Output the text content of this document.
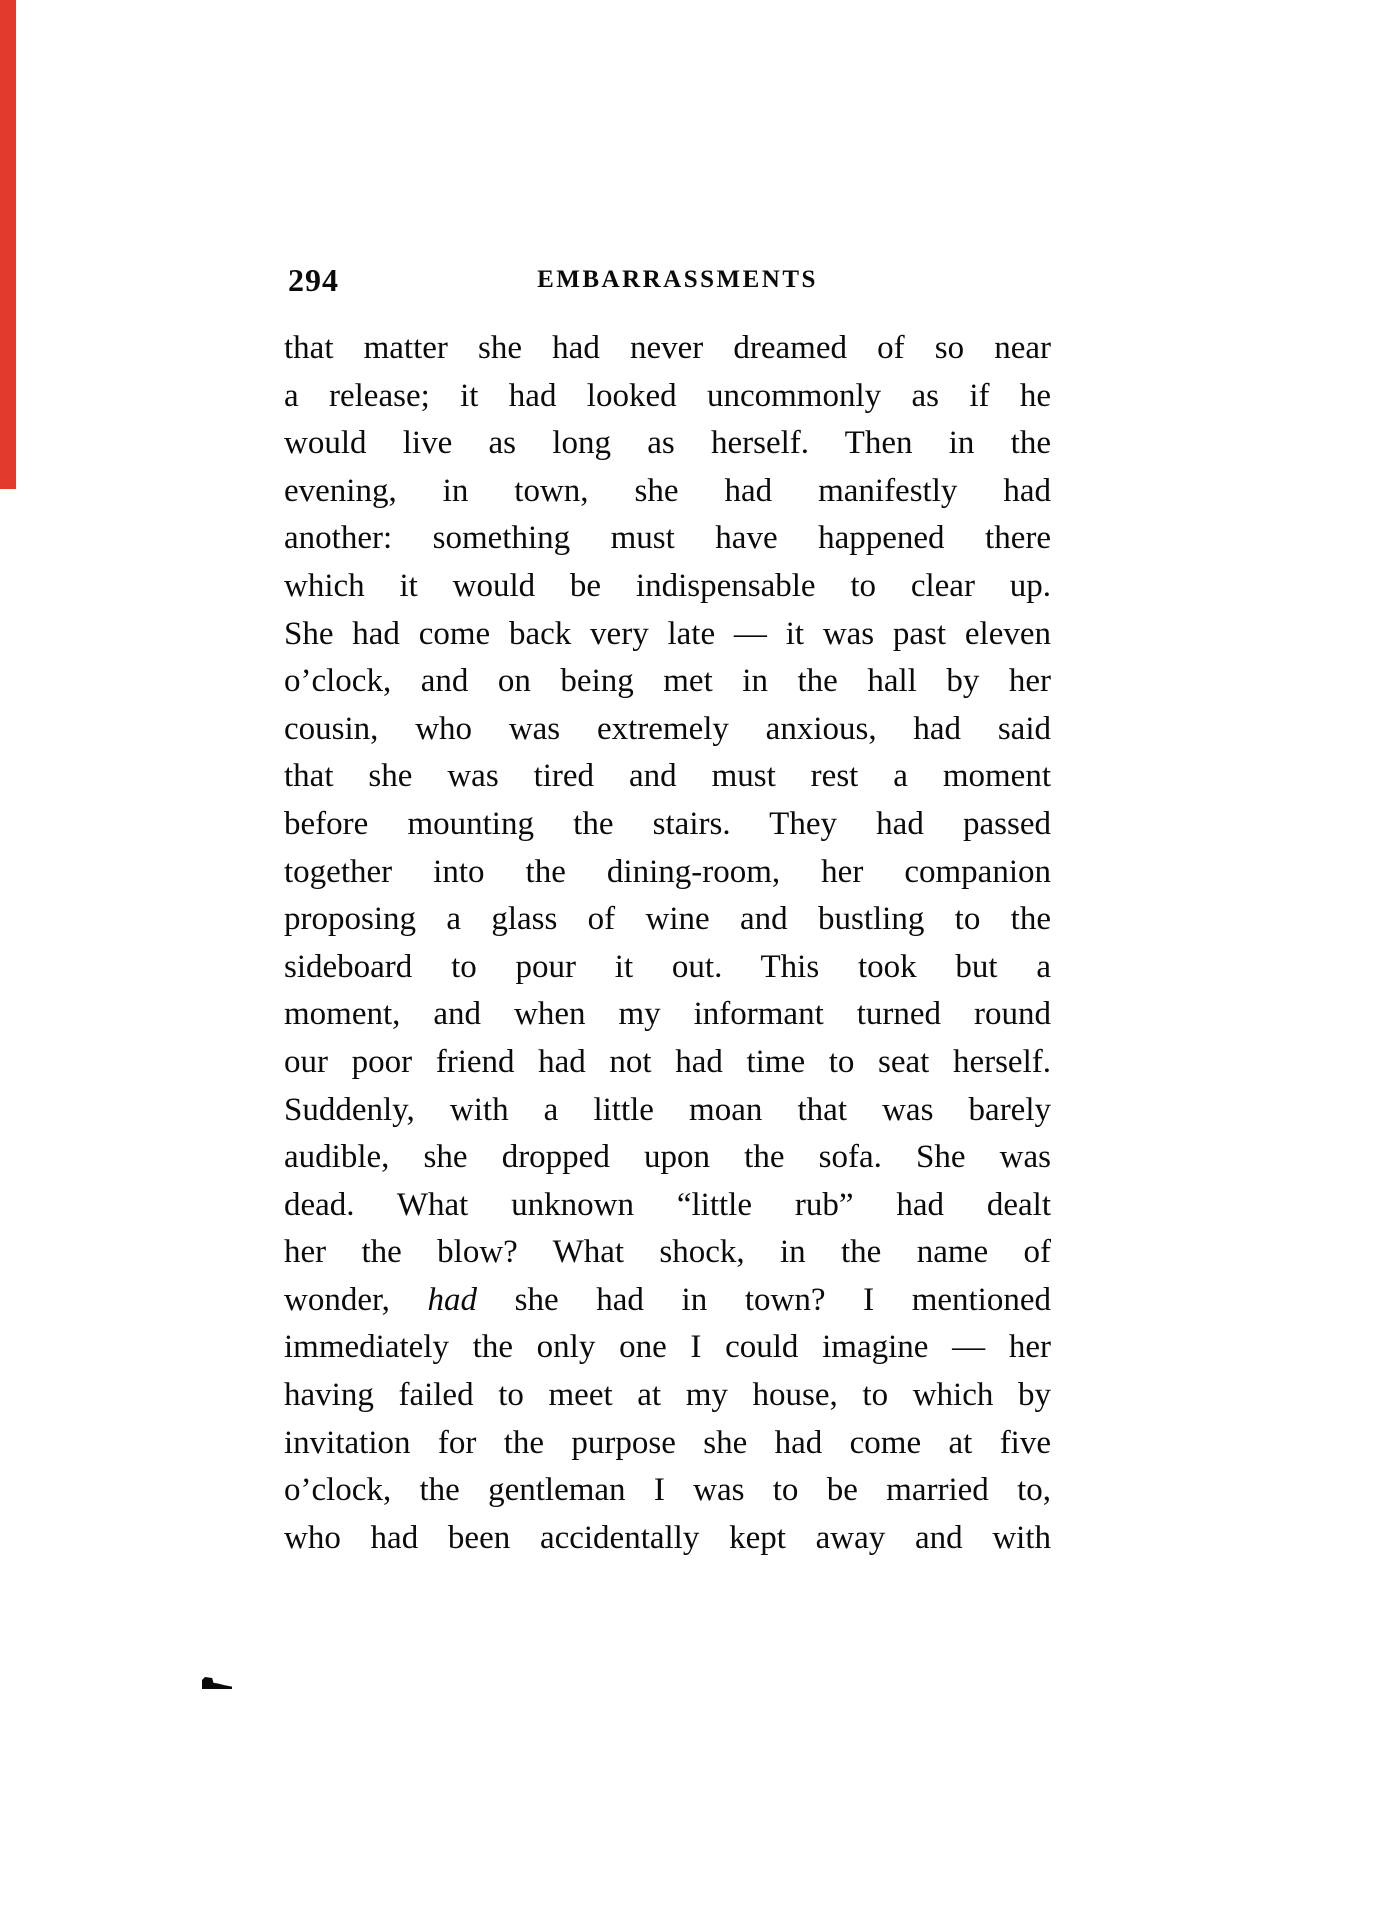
294	EMBARRASSMENTS
that matter she had never dreamed of so near
a release; it had looked uncommonly as if he
would live as long as herself. Then in the
evening, in town, she had manifestly had
another: something must have happened there
which it would be indispensable to clear up.
She had come back very late — it was past eleven
o’clock, and on being met in the hall by her
cousin, who was extremely anxious, had said
that she was tired and must rest a moment
before mounting the stairs. They had passed
together into the dining-room, her companion
proposing a glass of wine and bustling to the
sideboard to pour it out. This took but a
moment, and when my informant turned round
our poor friend had not had time to seat herself.
Suddenly, with a little moan that was barely
audible, she dropped upon the sofa. She was
dead. What unknown “little rub” had dealt
her the blow? What shock, in the name of
wonder, had she had in town? I mentioned
immediately the only one I could imagine — her
having failed to meet at my house, to which by
invitation for the purpose she had come at five
o’clock, the gentleman I was to be married to,
who had been accidentally kept away and with
